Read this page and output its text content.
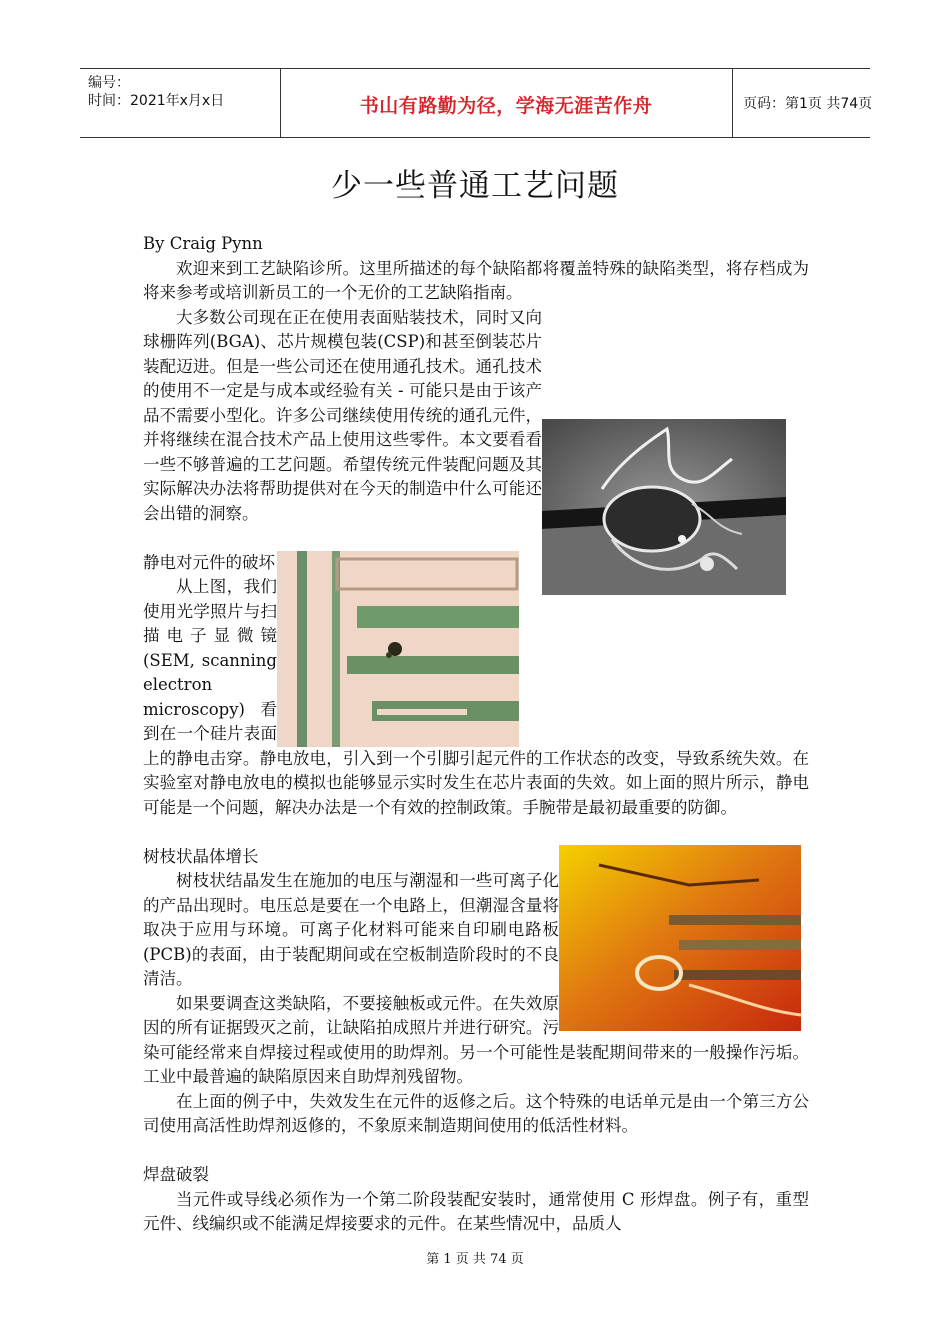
编号：
时间：2021年x月x日	书山有路勤为径，学海无涯苦作舟	页码：第1页 共74页
少一些普通工艺问题

By Craig Pynn

欢迎来到工艺缺陷诊所。这里所描述的每个缺陷都将覆盖特殊的缺陷类型，将存档成为将来参考或培训新员工的一个无价的工艺缺陷指南。

大多数公司现在正在使用表面贴装技术，同时又向球栅阵列(BGA)、芯片规模包装(CSP)和甚至倒装芯片装配迈进。但是一些公司还在使用通孔技术。通孔技术的使用不一定是与成本或经验有关 - 可能只是由于该产品不需要小型化。许多公司继续使用传统的通孔元件，并将继续在混合技术产品上使用这些零件。本文要看看一些不够普遍的工艺问题。希望传统元件装配问题及其实际解决办法将帮助提供对在今天的制造中什么可能还会出错的洞察。

静电对元件的破坏

从上图，我们使用光学照片与扫描电子显微镜(SEM, scanning electron microscopy)看到在一个硅片表面上的静电击穿。静电放电，引入到一个引脚引起元件的工作状态的改变，导致系统失效。在实验室对静电放电的模拟也能够显示实时发生在芯片表面的失效。如上面的照片所示，静电可能是一个问题，解决办法是一个有效的控制政策。手腕带是最初最重要的防御。

树枝状晶体增长

树枝状结晶发生在施加的电压与潮湿和一些可离子化的产品出现时。电压总是要在一个电路上，但潮湿含量将取决于应用与环境。可离子化材料可能来自印刷电路板(PCB)的表面，由于装配期间或在空板制造阶段时的不良清洁。

如果要调查这类缺陷，不要接触板或元件。在失效原因的所有证据毁灭之前，让缺陷拍成照片并进行研究。污染可能经常来自焊接过程或使用的助焊剂。另一个可能性是装配期间带来的一般操作污垢。 工业中最普遍的缺陷原因来自助焊剂残留物。

在上面的例子中，失效发生在元件的返修之后。这个特殊的电话单元是由一个第三方公司使用高活性助焊剂返修的，不象原来制造期间使用的低活性材料。

焊盘破裂

当元件或导线必须作为一个第二阶段装配安装时，通常使用 C 形焊盘。例子有，重型元件、线编织或不能满足焊接要求的元件。在某些情况中，品质人

第 1 页 共 74 页
